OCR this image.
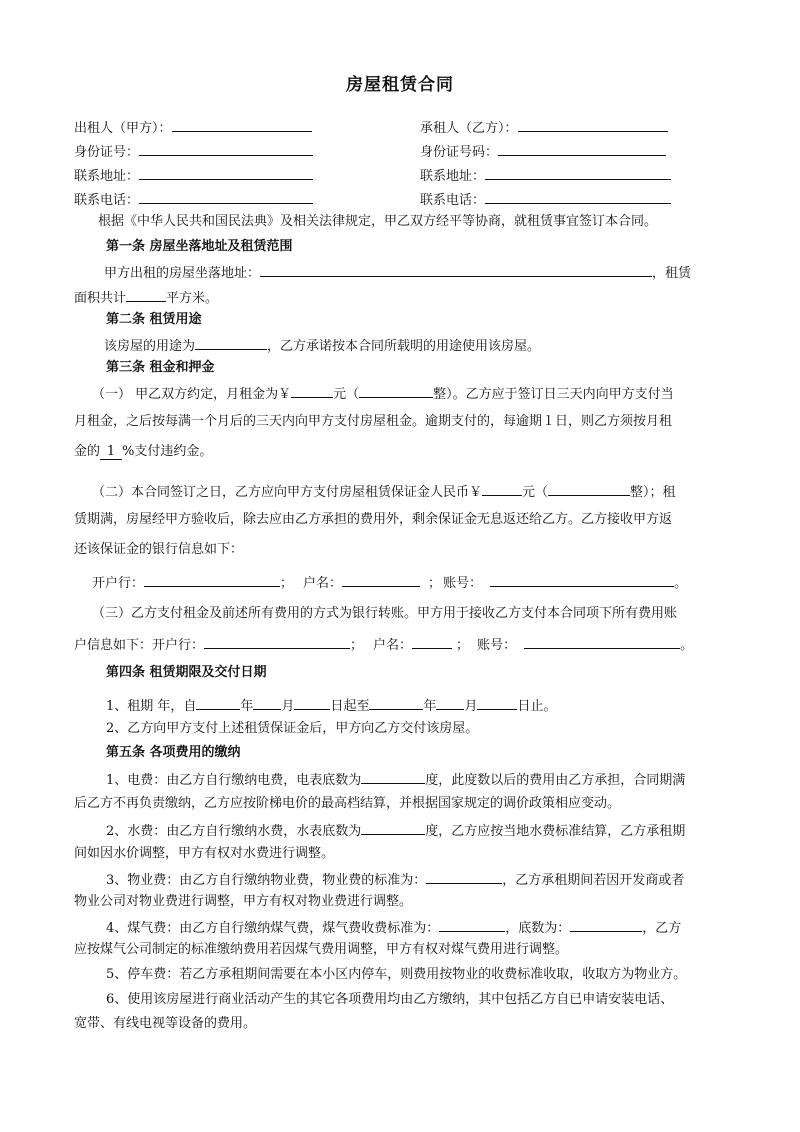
房屋租赁合同
出租人（甲方）：	承租人（乙方）：
身份证号：	身份证号码：
联系地址：	联系地址：
联系电话：	联系电话：
根据《中华人民共和国民法典》及相关法律规定，甲乙双方经平等协商，就租赁事宜签订本合同。
第一条 房屋坐落地址及租赁范围
甲方出租的房屋坐落地址：	，租赁
面积共计	平方米。
第二条 租赁用途
该房屋的用途为	，乙方承诺按本合同所载明的用途使用该房屋。
第三条 租金和押金
（一） 甲乙双方约定，月租金为￥	元（	整）。乙方应于签订日三天内向甲方支付当
月租金，之后按每满一个月后的三天内向甲方支付房屋租金。逾期支付的，每逾期１日，则乙方须按月租
金的 1 %支付违约金。
（二）本合同签订之日，乙方应向甲方支付房屋租赁保证金人民币￥	元（	整）；租
赁期满，房屋经甲方验收后，除去应由乙方承担的费用外，剩余保证金无息返还给乙方。乙方接收甲方返
还该保证金的银行信息如下：
开户行：	； 户名：	； 账号：	。
（三）乙方支付租金及前述所有费用的方式为银行转账。甲方用于接收乙方支付本合同项下所有费用账
户信息如下：开户行：	； 户名：	； 账号：	。
第四条 租赁期限及交付日期
1、租期 年，自	年 月	日起至	年 月	日止。
2、乙方向甲方支付上述租赁保证金后，甲方向乙方交付该房屋。
第五条 各项费用的缴纳
1、电费：由乙方自行缴纳电费，电表底数为	度，此度数以后的费用由乙方承担，合同期满
后乙方不再负责缴纳，乙方应按阶梯电价的最高档结算，并根据国家规定的调价政策相应变动。
2、水费：由乙方自行缴纳水费，水表底数为	度，乙方应按当地水费标准结算，乙方承租期
间如因水价调整，甲方有权对水费进行调整。
3、物业费：由乙方自行缴纳物业费，物业费的标准为：	，乙方承租期间若因开发商或者
物业公司对物业费进行调整，甲方有权对物业费进行调整。
4、煤气费：由乙方自行缴纳煤气费，煤气费收费标准为：	，底数为：	，乙方
应按煤气公司制定的标准缴纳费用若因煤气费用调整，甲方有权对煤气费用进行调整。
5、停车费：若乙方承租期间需要在本小区内停车，则费用按物业的收费标准收取，收取方为物业方。
6、使用该房屋进行商业活动产生的其它各项费用均由乙方缴纳，其中包括乙方自已申请安装电话、
宽带、有线电视等设备的费用。
